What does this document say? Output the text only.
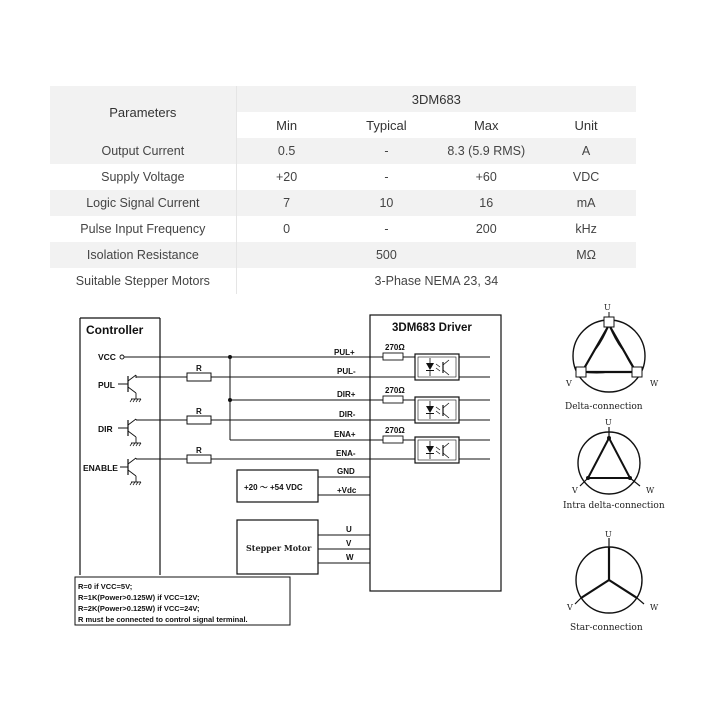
Parameters	3DM683			
	Min	Typical	Max	Unit
Output Current	0.5	-	8.3 (5.9 RMS)	A
Supply Voltage	+20	-	+60	VDC
Logic Signal Current	7	10	16	mA
Pulse Input Frequency	0	-	200	kHz
Isolation Resistance	500			MΩ
Suitable Stepper Motors	3-Phase NEMA 23, 34			
Controller
VCC
PUL
R
DIR
R
ENABLE
R
3DM683 Driver
PUL+
PUL-
DIR+
DIR-
ENA+
ENA-
270Ω
270Ω
270Ω
GND
+Vdc
+20 ～ +54 VDC
Stepper Motor
U
V
W
R=0 if VCC=5V;
R=1K(Power>0.125W) if VCC=12V;
R=2K(Power>0.125W) if VCC=24V;
R must be connected to control signal terminal.
U
V	W
Delta-connection
U
V	W
Intra delta-connection
U
V	W
Star-connection
